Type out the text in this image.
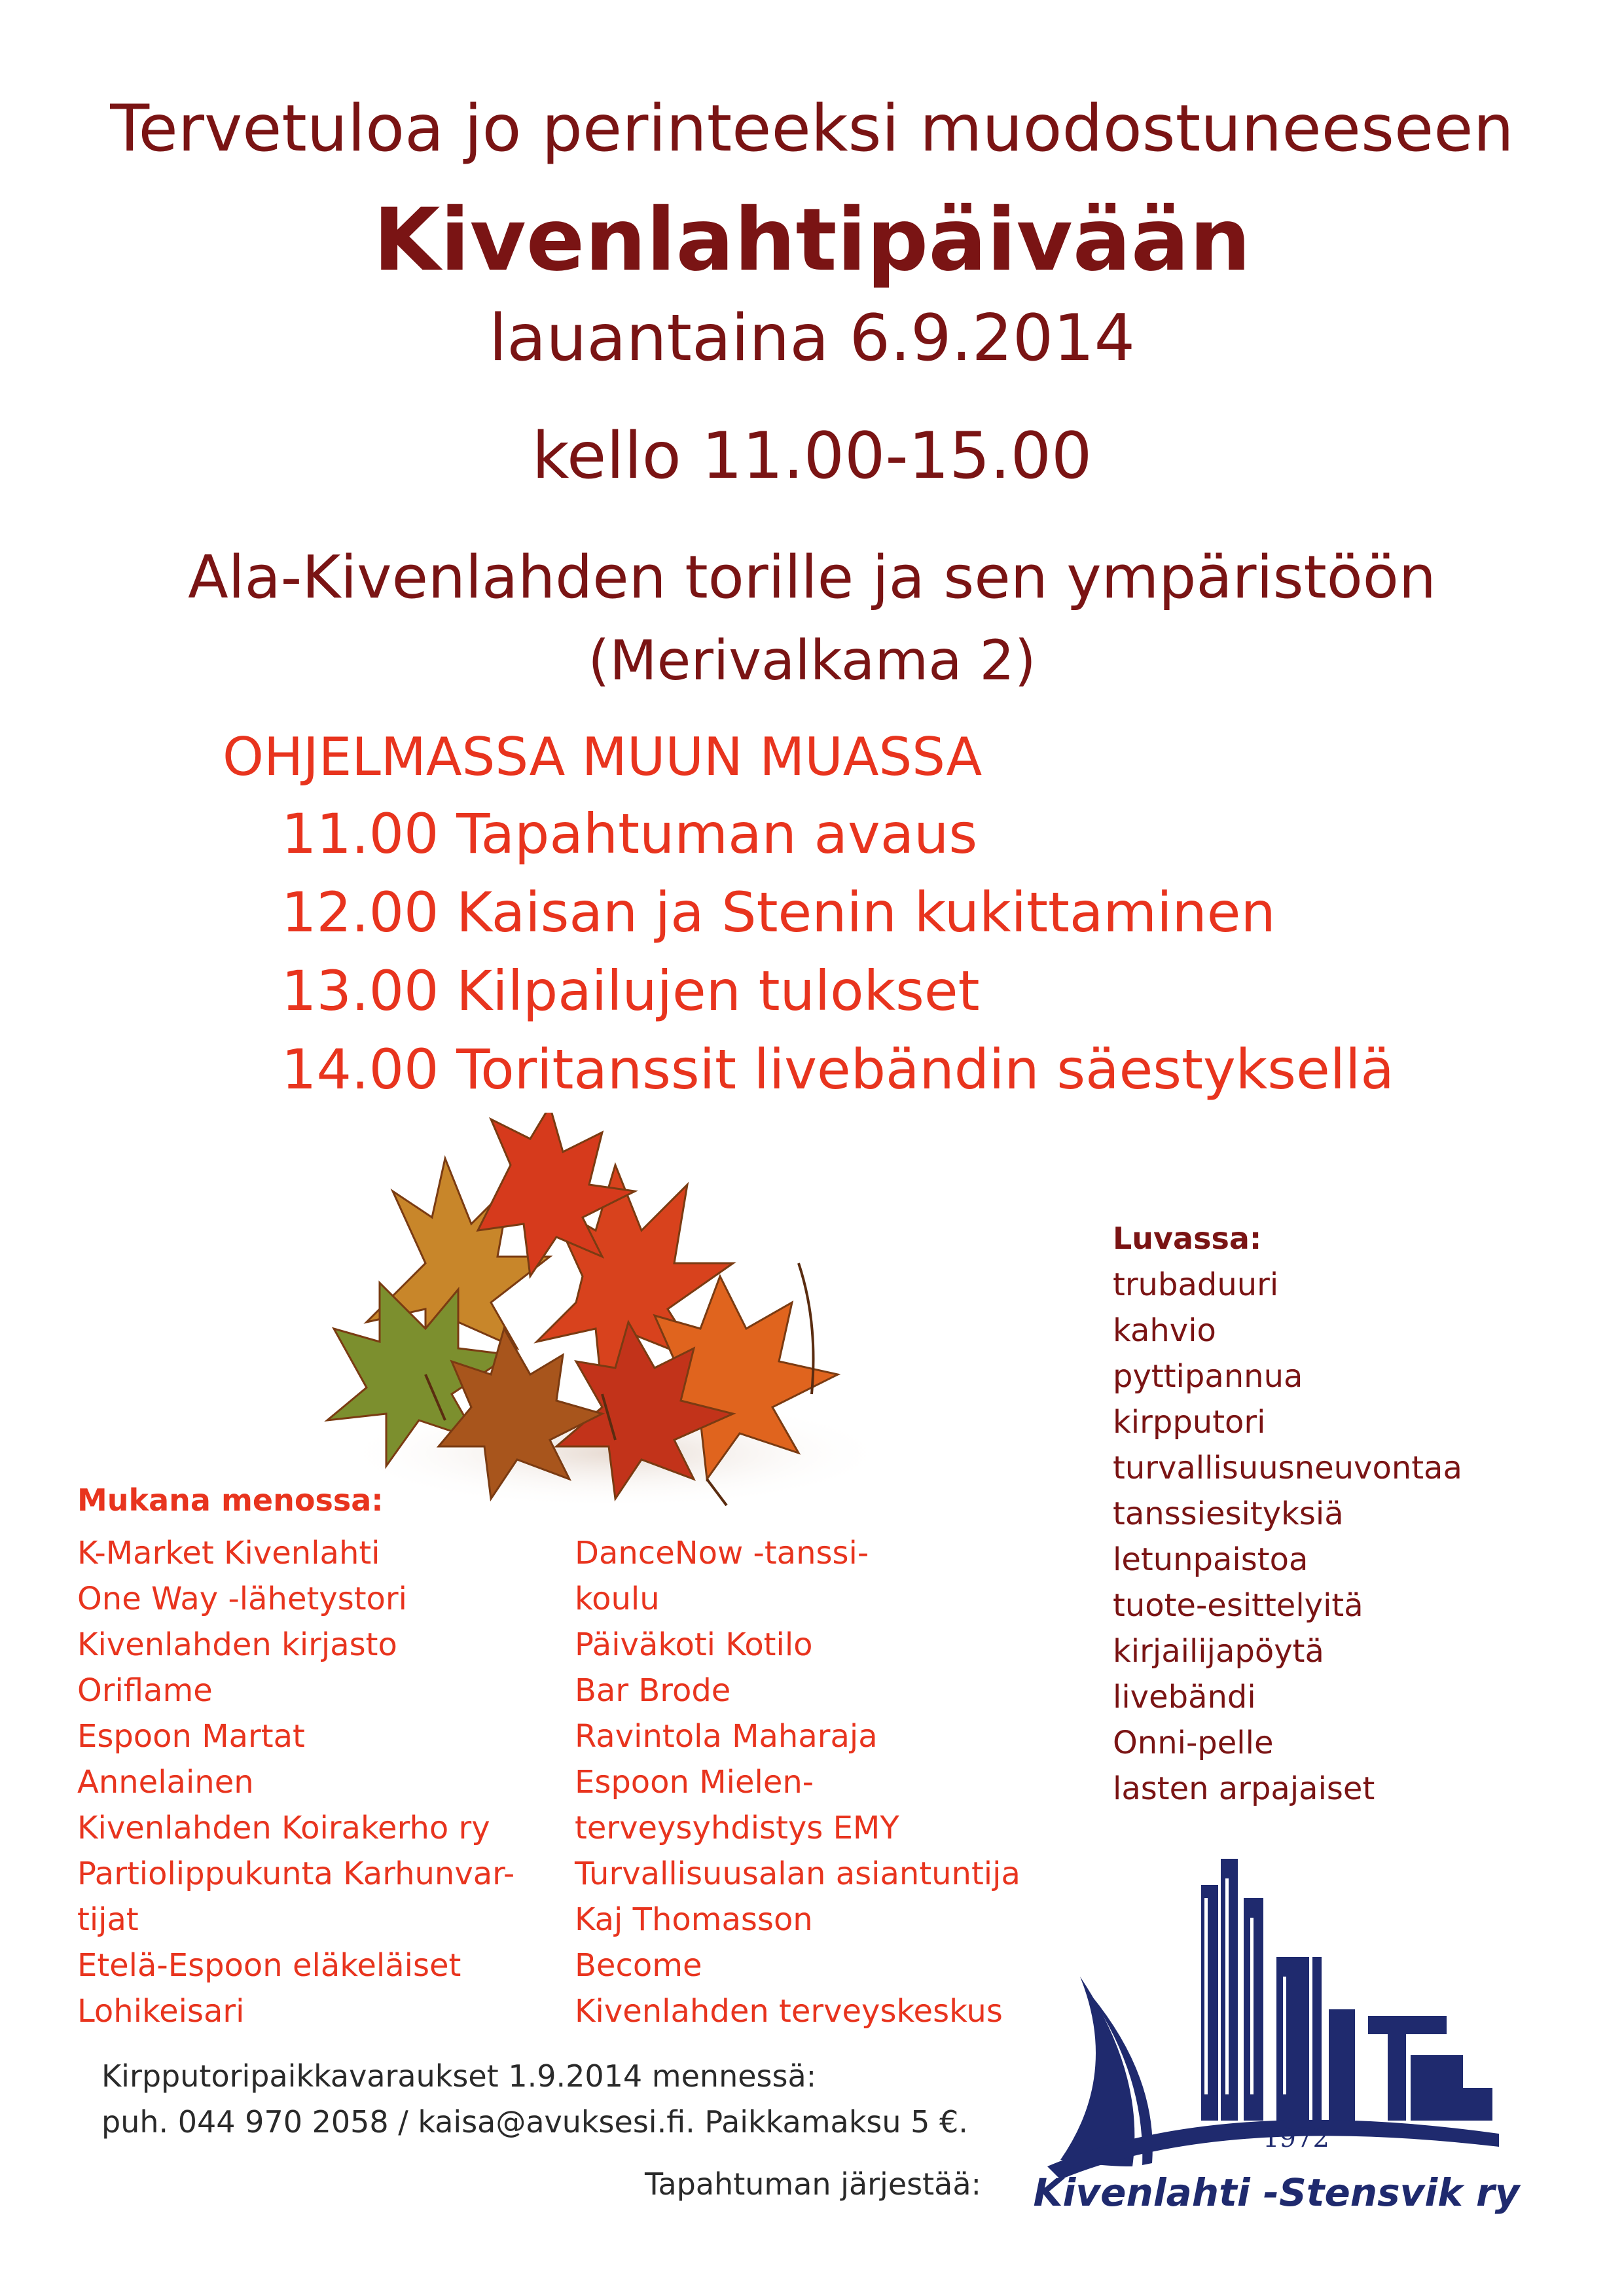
Tervetuloa jo perinteeksi muodostuneeseen
Kivenlahtipäivään
lauantaina 6.9.2014
kello 11.00-15.00
Ala-Kivenlahden torille ja sen ympäristöön
(Merivalkama 2)
OHJELMASSA MUUN MUASSA
11.00 Tapahtuman avaus
12.00 Kaisan ja Stenin kukittaminen
13.00 Kilpailujen tulokset
14.00 Toritanssit livebändin säestyksellä
Luvassa:
trubaduuri
kahvio
pyttipannua
kirpputori
turvallisuusneuvontaa
tanssiesityksiä
letunpaistoa
tuote-esittelyitä
kirjailijapöytä
livebändi
Onni-pelle
lasten arpajaiset
Mukana menossa:
K-Market Kivenlahti
One Way -lähetystori
Kivenlahden kirjasto
Oriflame
Espoon Martat
Annelainen
Kivenlahden Koirakerho ry
Partiolippukunta Karhunvar-
tijat
Etelä-Espoon eläkeläiset
Lohikeisari
DanceNow -tanssi-
koulu
Päiväkoti Kotilo
Bar Brode
Ravintola Maharaja
Espoon Mielen-
terveysyhdistys EMY
Turvallisuusalan asiantuntija
Kaj Thomasson
Become
Kivenlahden terveyskeskus
Kirpputoripaikkavaraukset 1.9.2014 mennessä:
puh. 044 970 2058 / kaisa@avuksesi.fi. Paikkamaksu 5 €.
Tapahtuman järjestää:
1972
Kivenlahti -Stensvik ry
